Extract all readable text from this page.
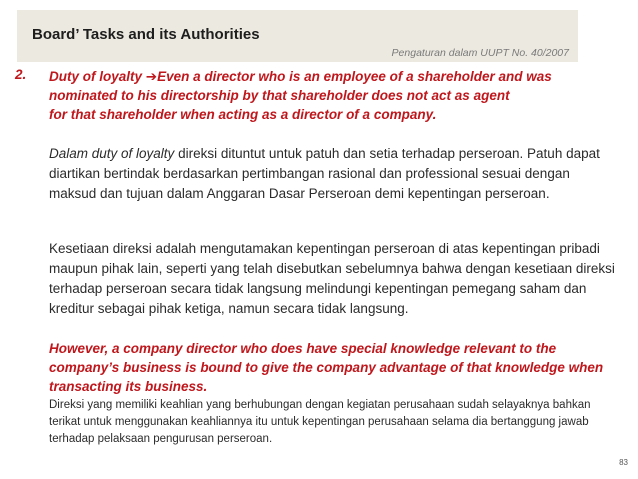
Board’ Tasks and its Authorities
Pengaturan dalam UUPT No. 40/2007
2. Duty of loyalty ➔Even a director who is an employee of a shareholder and was

nominated to his directorship by that shareholder does not act as agent

for that shareholder when acting as a director of a company.

Dalam duty of loyalty direksi dituntut untuk patuh dan setia terhadap perseroan. Patuh dapat diartikan bertindak berdasarkan pertimbangan rasional dan professional sesuai dengan maksud dan tujuan dalam Anggaran Dasar Perseroan demi kepentingan perseroan.

Kesetiaan direksi adalah mengutamakan kepentingan perseroan di atas kepentingan pribadi maupun pihak lain, seperti yang telah disebutkan sebelumnya bahwa dengan kesetiaan direksi terhadap perseroan secara tidak langsung melindungi kepentingan pemegang saham dan kreditur sebagai pihak ketiga, namun secara tidak langsung.

However, a company director who does have special knowledge relevant to the company’s business is bound to give the company advantage of that knowledge when transacting its business.

Direksi yang memiliki keahlian yang berhubungan dengan kegiatan perusahaan sudah selayaknya bahkan terikat untuk menggunakan keahliannya itu untuk kepentingan perusahaan selama dia bertanggung jawab terhadap pelaksaan pengurusan perseroan.

83
